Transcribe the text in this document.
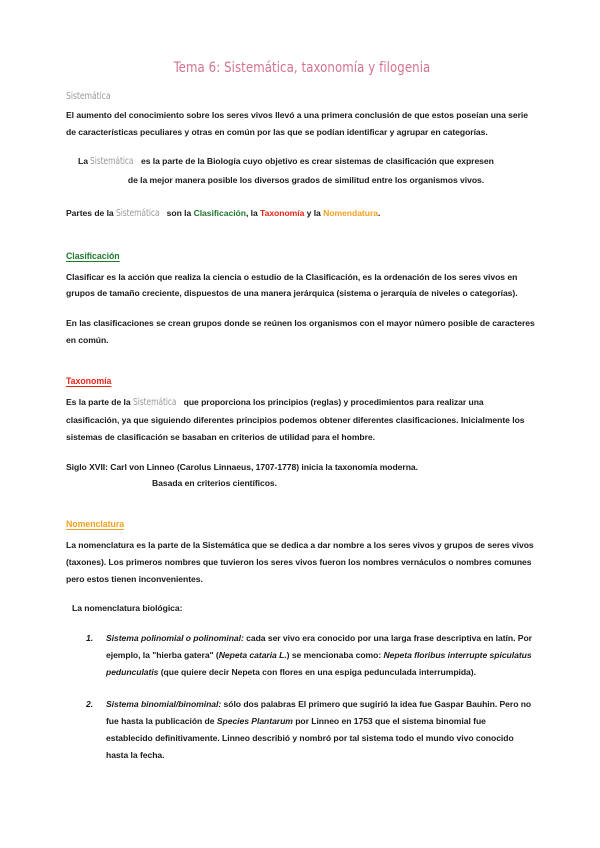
Tema 6: Sistemática, taxonomía y filogenia
Sistemática

El aumento del conocimiento sobre los seres vivos llevó a una primera conclusión de que estos poseían una serie de características peculiares y otras en común por las que se podían identificar y agrupar en categorías.

La Sistemática es la parte de la Biología cuyo objetivo es crear sistemas de clasificación que expresen

de la mejor manera posible los diversos grados de similitud entre los organismos vivos.

Partes de la Sistemática son la Clasificación, la Taxonomía y la Nomendatura.

Clasificación

Clasificar es la acción que realiza la ciencia o estudio de la Clasificación, es la ordenación de los seres vivos en grupos de tamaño creciente, dispuestos de una manera jerárquica (sistema o jerarquía de niveles o categorías).

En las clasificaciones se crean grupos donde se reúnen los organismos con el mayor número posible de caracteres en común.

Taxonomía

Es la parte de la Sistemática que proporciona los principios (reglas) y procedimientos para realizar una clasificación, ya que siguiendo diferentes principios podemos obtener diferentes clasificaciones. Inicialmente los sistemas de clasificación se basaban en criterios de utilidad para el hombre.

Siglo XVII: Carl von Linneo (Carolus Linnaeus, 1707-1778) inicia la taxonomía moderna.

Basada en criterios científicos.

Nomenclatura

La nomenclatura es la parte de la Sistemática que se dedica a dar nombre a los seres vivos y grupos de seres vivos (taxones). Los primeros nombres que tuvieron los seres vivos fueron los nombres vernáculos o nombres comunes pero estos tienen inconvenientes.

La nomenclatura biológica:

Sistema polinomial o polinominal: cada ser vivo era conocido por una larga frase descriptiva en latín. Por ejemplo, la "hierba gatera" (Nepeta cataria L.) se mencionaba como: Nepeta floribus interrupte spiculatus pedunculatis (que quiere decir Nepeta con flores en una espiga pedunculada interrumpida).
Sistema binomial/binominal: sólo dos palabras El primero que sugirió la idea fue Gaspar Bauhin. Pero no fue hasta la publicación de Species Plantarum por Linneo en 1753 que el sistema binomial fue establecido definitivamente. Linneo describió y nombró por tal sistema todo el mundo vivo conocido hasta la fecha.
